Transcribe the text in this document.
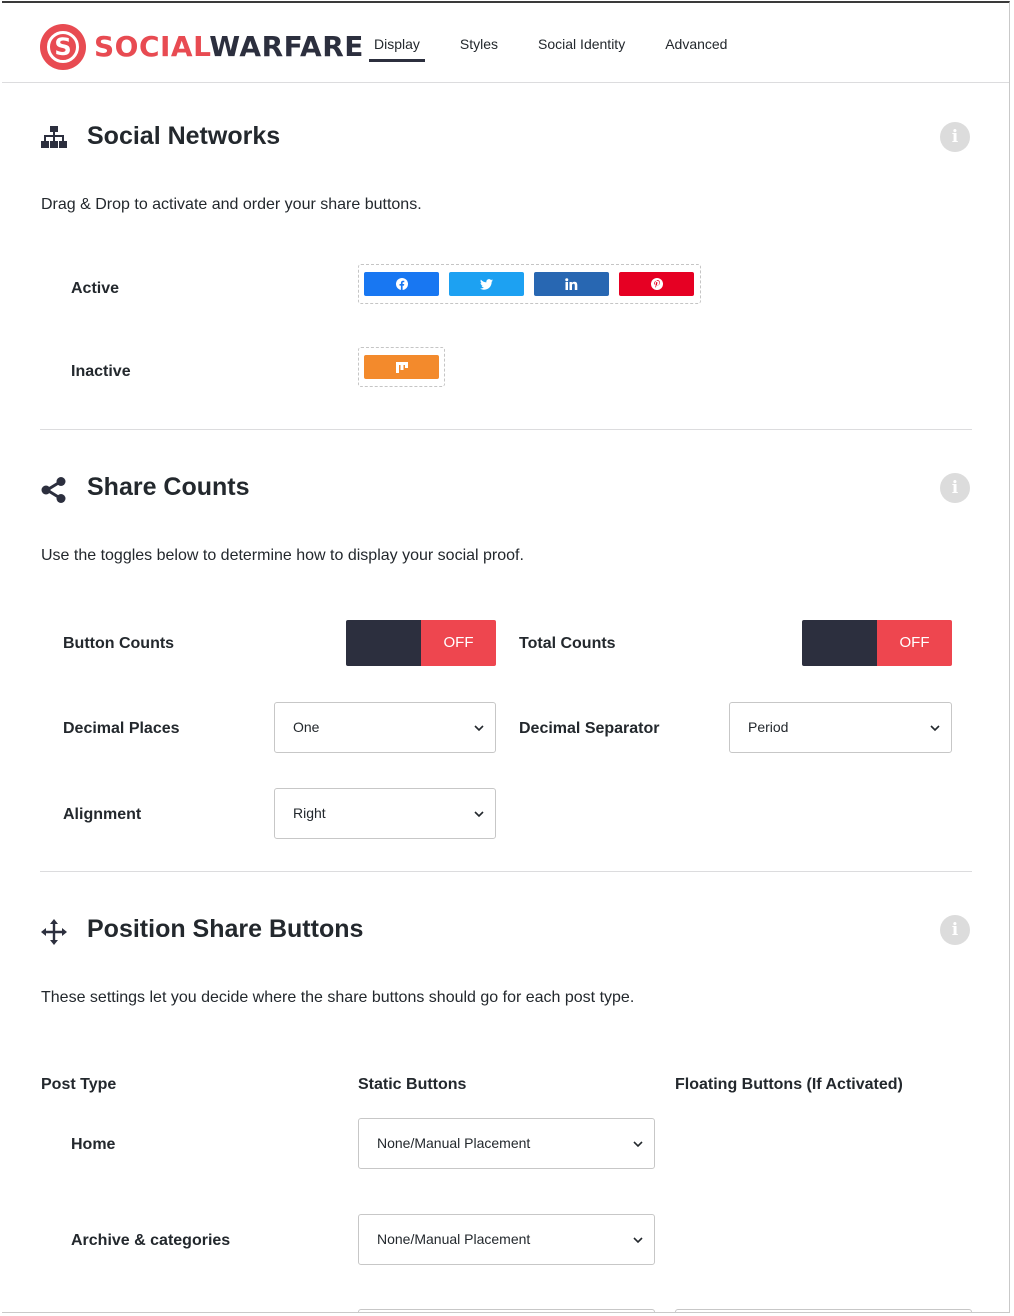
S SOCIALWARFARE Display	Styles	Social Identity	Advanced
Social Networks	i
Drag & Drop to activate and order your share buttons.
Active
Inactive
Share Counts	i
Use the toggles below to determine how to display your social proof.
Button Counts	OFF	Total Counts	OFF
Decimal Places	One	Decimal Separator	Period
Alignment	Right
Position Share Buttons	i
These settings let you decide where the share buttons should go for each post type.
Post Type	Static Buttons	Floating Buttons (If Activated)
Home	None/Manual Placement
Archive & categories	None/Manual Placement
